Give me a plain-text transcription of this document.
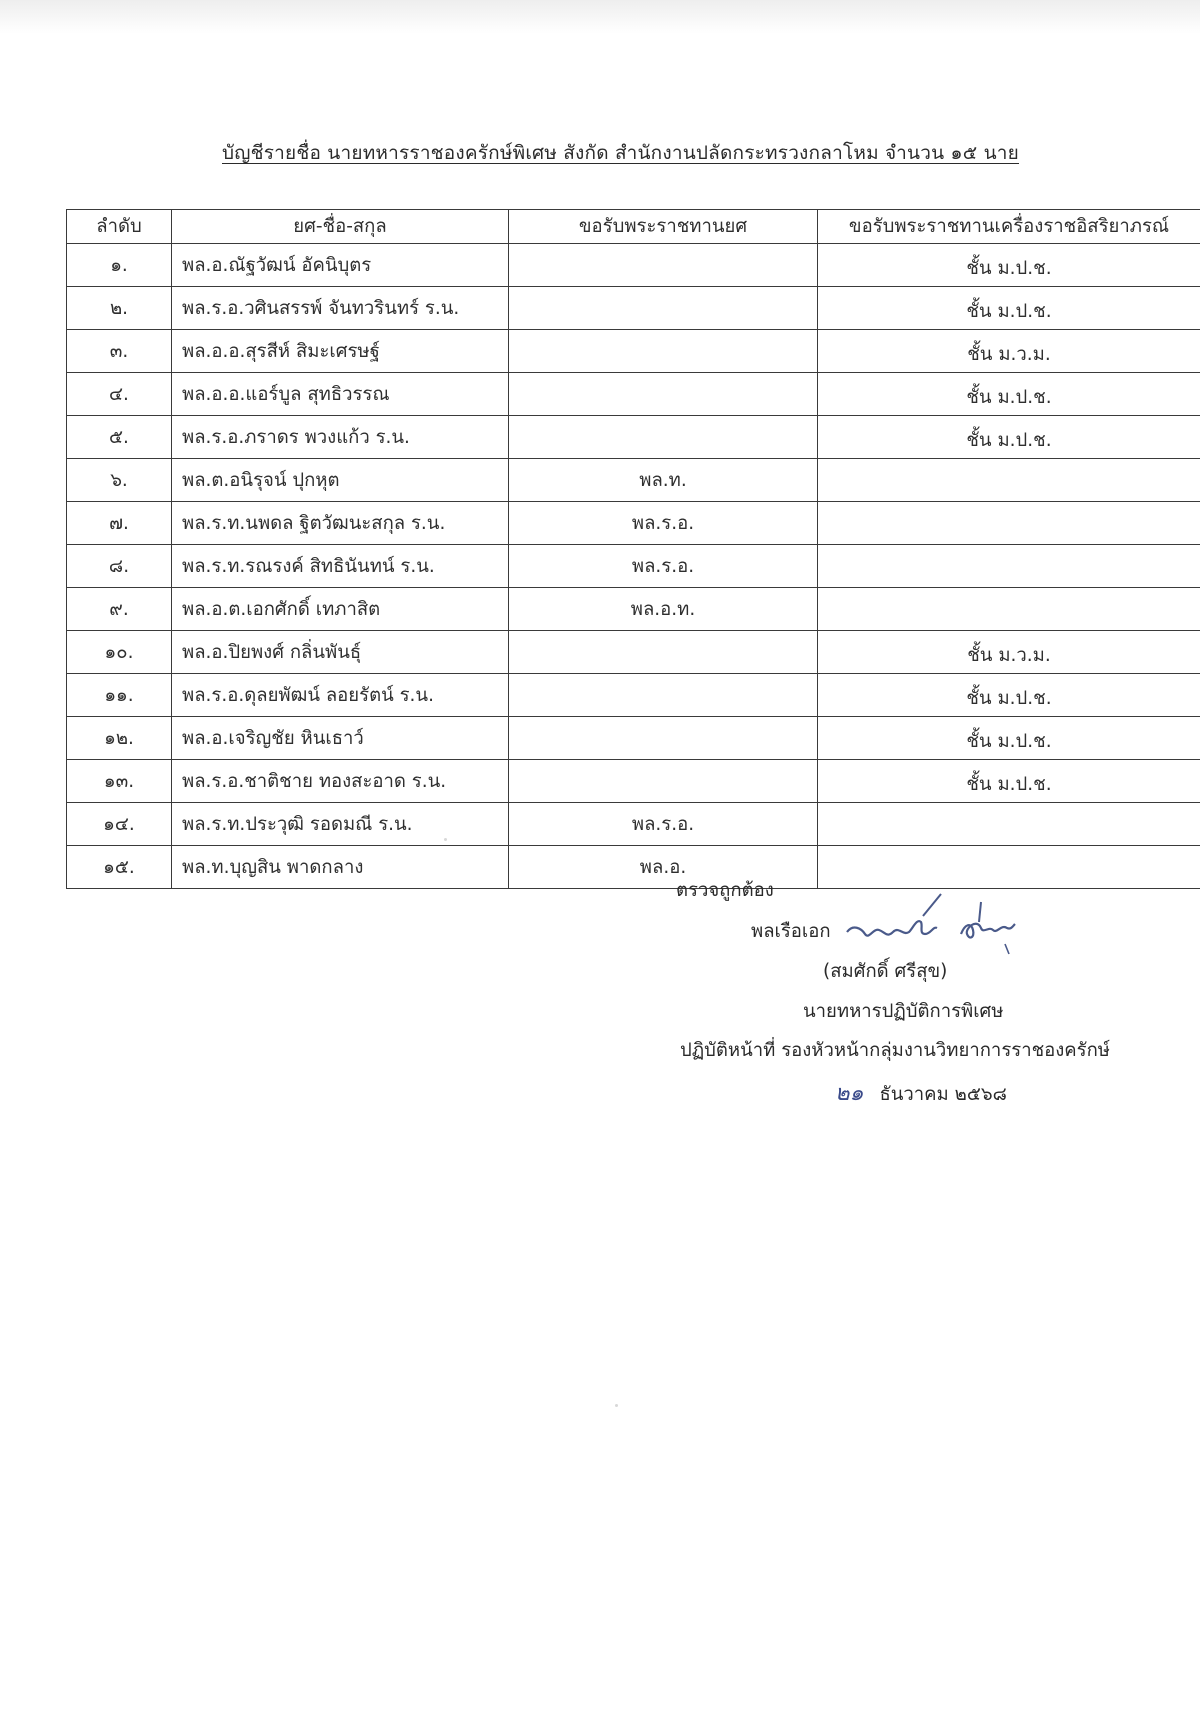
บัญชีรายชื่อ นายทหารราชองครักษ์พิเศษ สังกัด สำนักงานปลัดกระทรวงกลาโหม จำนวน ๑๕ นาย
ลำดับ	ยศ-ชื่อ-สกุล	ขอรับพระราชทานยศ	ขอรับพระราชทานเครื่องราชอิสริยาภรณ์
๑.	พล.อ.ณัฐวัฒน์ อัคนิบุตร		ชั้น ม.ป.ช.
๒.	พล.ร.อ.วศินสรรพ์ จันทวรินทร์ ร.น.		ชั้น ม.ป.ช.
๓.	พล.อ.อ.สุรสีห์ สิมะเศรษฐ์		ชั้น ม.ว.ม.
๔.	พล.อ.อ.แอร์บูล สุทธิวรรณ		ชั้น ม.ป.ช.
๕.	พล.ร.อ.ภราดร พวงแก้ว ร.น.		ชั้น ม.ป.ช.
๖.	พล.ต.อนิรุจน์ ปุกหุต	พล.ท.	
๗.	พล.ร.ท.นพดล ฐิตวัฒนะสกุล ร.น.	พล.ร.อ.	
๘.	พล.ร.ท.รณรงค์ สิทธินันทน์ ร.น.	พล.ร.อ.	
๙.	พล.อ.ต.เอกศักดิ์ เทภาสิต	พล.อ.ท.	
๑๐.	พล.อ.ปิยพงศ์ กลิ่นพันธุ์		ชั้น ม.ว.ม.
๑๑.	พล.ร.อ.ดุลยพัฒน์ ลอยรัตน์ ร.น.		ชั้น ม.ป.ช.
๑๒.	พล.อ.เจริญชัย หินเธาว์		ชั้น ม.ป.ช.
๑๓.	พล.ร.อ.ชาติชาย ทองสะอาด ร.น.		ชั้น ม.ป.ช.
๑๔.	พล.ร.ท.ประวุฒิ รอดมณี ร.น.	พล.ร.อ.	
๑๕.	พล.ท.บุญสิน พาดกลาง	พล.อ.	
ตรวจถูกต้อง
พลเรือเอก
(สมศักดิ์ ศรีสุข)
นายทหารปฏิบัติการพิเศษ
ปฏิบัติหน้าที่ รองหัวหน้ากลุ่มงานวิทยาการราชองครักษ์
๒๑ ธันวาคม ๒๕๖๘
